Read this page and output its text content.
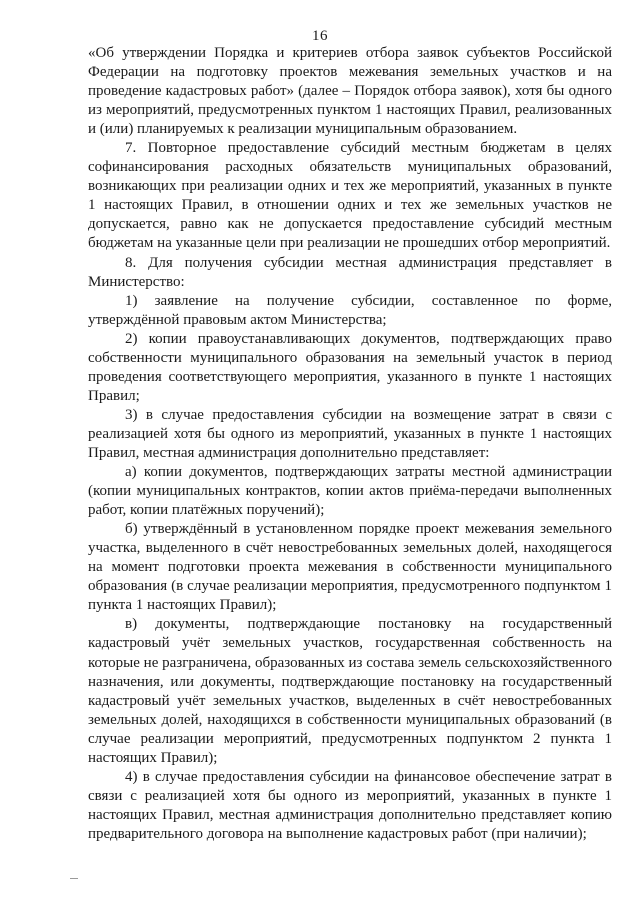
16

«Об утверждении Порядка и критериев отбора заявок субъектов Российской Федерации на подготовку проектов межевания земельных участков и на проведение кадастровых работ» (далее – Порядок отбора заявок), хотя бы одного из мероприятий, предусмотренных пунктом 1 настоящих Правил, реализованных и (или) планируемых к реализации муниципальным образованием.

7. Повторное предоставление субсидий местным бюджетам в целях софинансирования расходных обязательств муниципальных образований, возникающих при реализации одних и тех же мероприятий, указанных в пункте 1 настоящих Правил, в отношении одних и тех же земельных участков не допускается, равно как не допускается предоставление субсидий местным бюджетам на указанные цели при реализации не прошедших отбор мероприятий.

8. Для получения субсидии местная администрация представляет в Министерство:

1) заявление на получение субсидии, составленное по форме, утверждённой правовым актом Министерства;

2) копии правоустанавливающих документов, подтверждающих право собственности муниципального образования на земельный участок в период проведения соответствующего мероприятия, указанного в пункте 1 настоящих Правил;

3) в случае предоставления субсидии на возмещение затрат в связи с реализацией хотя бы одного из мероприятий, указанных в пункте 1 настоящих Правил, местная администрация дополнительно представляет:

а) копии документов, подтверждающих затраты местной администрации (копии муниципальных контрактов, копии актов приёма-передачи выполненных работ, копии платёжных поручений);

б) утверждённый в установленном порядке проект межевания земельного участка, выделенного в счёт невостребованных земельных долей, находящегося на момент подготовки проекта межевания в собственности муниципального образования (в случае реализации мероприятия, предусмотренного подпунктом 1 пункта 1 настоящих Правил);

в) документы, подтверждающие постановку на государственный кадастровый учёт земельных участков, государственная собственность на которые не разграничена, образованных из состава земель сельскохозяйственного назначения, или документы, подтверждающие постановку на государственный кадастровый учёт земельных участков, выделенных в счёт невостребованных земельных долей, находящихся в собственности муниципальных образований (в случае реализации мероприятий, предусмотренных подпунктом 2 пункта 1 настоящих Правил);

4) в случае предоставления субсидии на финансовое обеспечение затрат в связи с реализацией хотя бы одного из мероприятий, указанных в пункте 1 настоящих Правил, местная администрация дополнительно представляет копию предварительного договора на выполнение кадастровых работ (при наличии);
